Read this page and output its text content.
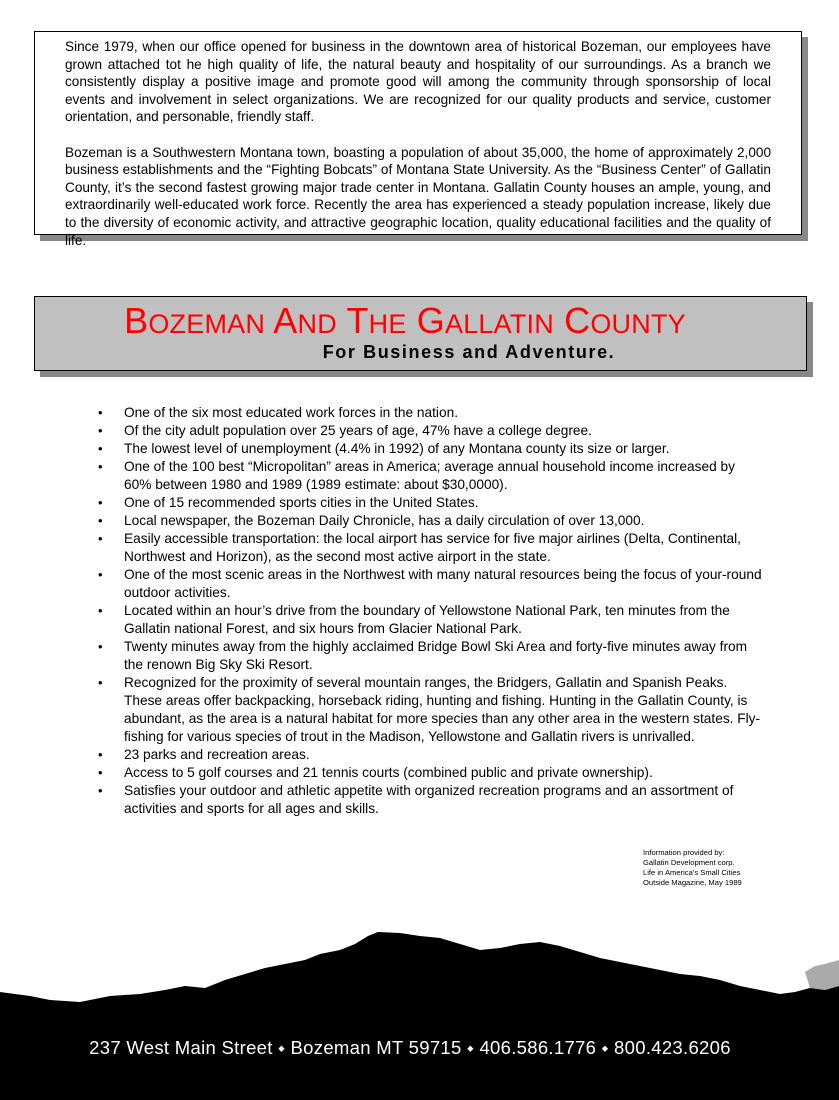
Since 1979, when our office opened for business in the downtown area of historical Bozeman, our employees have grown attached tot he high quality of life, the natural beauty and hospitality of our surroundings. As a branch we consistently display a positive image and promote good will among the community through sponsorship of local events and involvement in select organizations. We are recognized for our quality products and service, customer orientation, and personable, friendly staff.

Bozeman is a Southwestern Montana town, boasting a population of about 35,000, the home of approximately 2,000 business establishments and the “Fighting Bobcats” of Montana State University. As the “Business Center” of Gallatin County, it’s the second fastest growing major trade center in Montana. Gallatin County houses an ample, young, and extraordinarily well-educated work force. Recently the area has experienced a steady population increase, likely due to the diversity of economic activity, and attractive geographic location, quality educational facilities and the quality of life.

BOZEMAN AND THE GALLATIN COUNTY
For Business and Adventure.
• One of the six most educated work forces in the nation.
• Of the city adult population over 25 years of age, 47% have a college degree.
• The lowest level of unemployment (4.4% in 1992) of any Montana county its size or larger.
• One of the 100 best “Micropolitan” areas in America; average annual household income increased by 60% between 1980 and 1989 (1989 estimate: about $30,0000).
• One of 15 recommended sports cities in the United States.
• Local newspaper, the Bozeman Daily Chronicle, has a daily circulation of over 13,000.
• Easily accessible transportation: the local airport has service for five major airlines (Delta, Continental, Northwest and Horizon), as the second most active airport in the state.
• One of the most scenic areas in the Northwest with many natural resources being the focus of your-round outdoor activities.
• Located within an hour’s drive from the boundary of Yellowstone National Park, ten minutes from the Gallatin national Forest, and six hours from Glacier National Park.
• Twenty minutes away from the highly acclaimed Bridge Bowl Ski Area and forty-five minutes away from the renown Big Sky Ski Resort.
• Recognized for the proximity of several mountain ranges, the Bridgers, Gallatin and Spanish Peaks. These areas offer backpacking, horseback riding, hunting and fishing. Hunting in the Gallatin County, is abundant, as the area is a natural habitat for more species than any other area in the western states. Fly-fishing for various species of trout in the Madison, Yellowstone and Gallatin rivers is unrivalled.
• 23 parks and recreation areas.
• Access to 5 golf courses and 21 tennis courts (combined public and private ownership).
• Satisfies your outdoor and athletic appetite with organized recreation programs and an assortment of activities and sports for all ages and skills.
Information provided by:
Gallatin Development corp.
Life in America’s Small Cities
Outside Magazine, May 1989
237 West Main Street ⬩ Bozeman MT 59715 ⬩ 406.586.1776 ⬩ 800.423.6206
